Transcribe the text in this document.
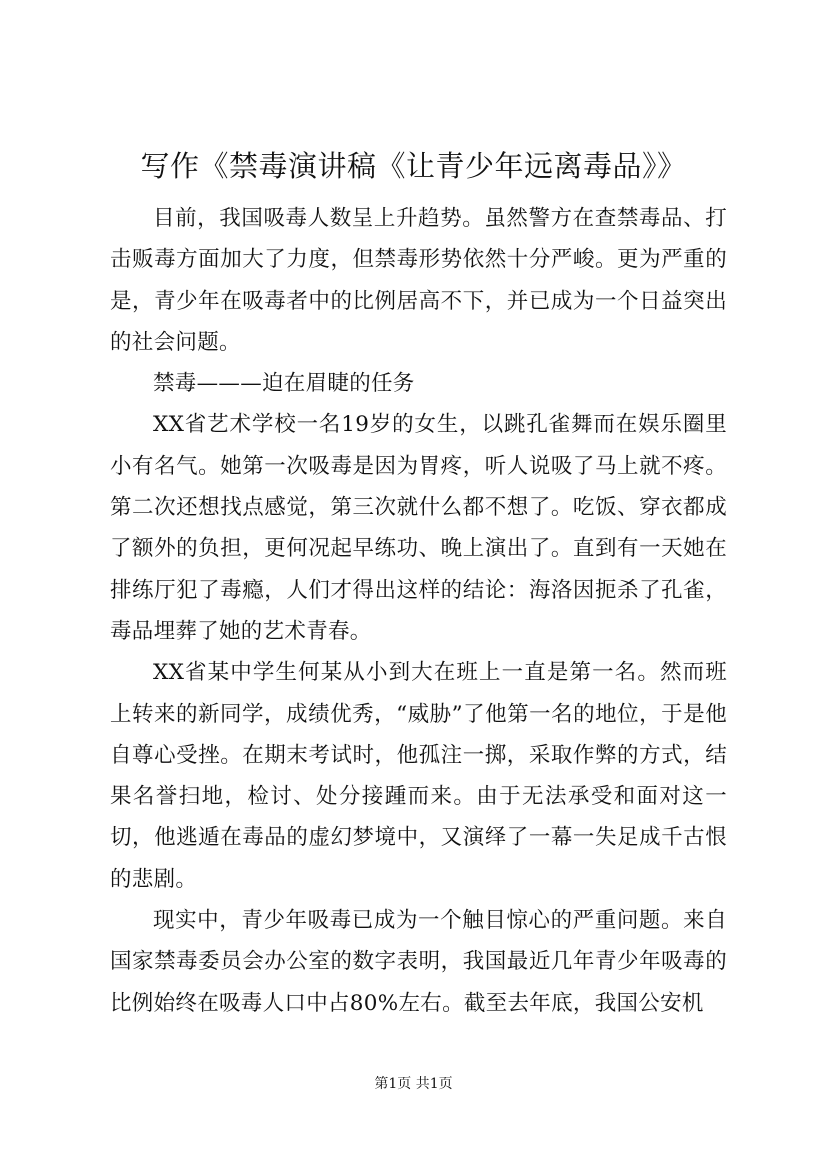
写作《禁毒演讲稿《让青少年远离毒品》》

目前，我国吸毒人数呈上升趋势。虽然警方在查禁毒品、打击贩毒方面加大了力度，但禁毒形势依然十分严峻。更为严重的是，青少年在吸毒者中的比例居高不下，并已成为一个日益突出的社会问题。

禁毒———迫在眉睫的任务

XX省艺术学校一名19岁的女生，以跳孔雀舞而在娱乐圈里小有名气。她第一次吸毒是因为胃疼，听人说吸了马上就不疼。第二次还想找点感觉，第三次就什么都不想了。吃饭、穿衣都成了额外的负担，更何况起早练功、晚上演出了。直到有一天她在排练厅犯了毒瘾，人们才得出这样的结论：海洛因扼杀了孔雀，毒品埋葬了她的艺术青春。

XX省某中学生何某从小到大在班上一直是第一名。然而班上转来的新同学，成绩优秀，“威胁”了他第一名的地位，于是他自尊心受挫。在期末考试时，他孤注一掷，采取作弊的方式，结果名誉扫地，检讨、处分接踵而来。由于无法承受和面对这一切，他逃遁在毒品的虚幻梦境中，又演绎了一幕一失足成千古恨的悲剧。

现实中，青少年吸毒已成为一个触目惊心的严重问题。来自国家禁毒委员会办公室的数字表明，我国最近几年青少年吸毒的比例始终在吸毒人口中占80%左右。截至去年底，我国公安机

第1页 共1页
